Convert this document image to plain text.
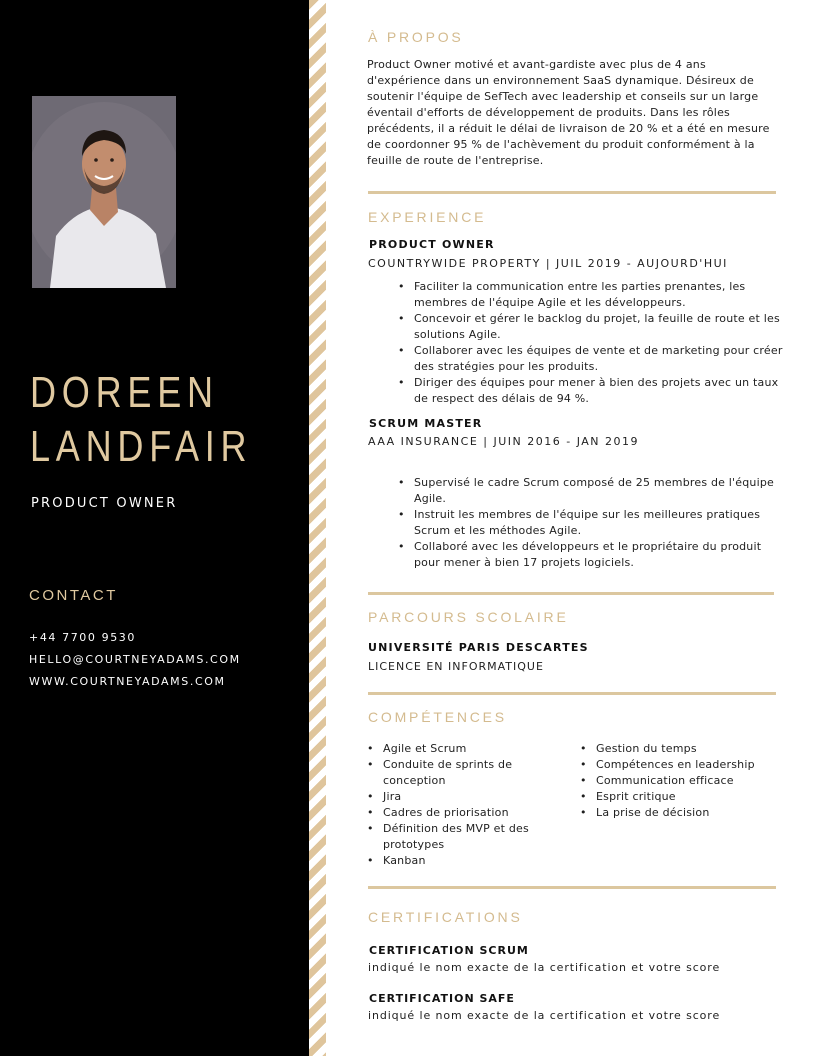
DOREEN
LANDFAIR
PRODUCT OWNER
CONTACT
+44 7700 9530
HELLO@COURTNEYADAMS.COM
WWW.COURTNEYADAMS.COM
À PROPOS
Product Owner motivé et avant-gardiste avec plus de 4 ans d'expérience dans un environnement SaaS dynamique. Désireux de soutenir l'équipe de SefTech avec leadership et conseils sur un large éventail d'efforts de développement de produits. Dans les rôles précédents, il a réduit le délai de livraison de 20 % et a été en mesure de coordonner 95 % de l'achèvement du produit conformément à la feuille de route de l'entreprise.
EXPERIENCE
PRODUCT OWNER
COUNTRYWIDE PROPERTY | JUIL 2019 - AUJOURD'HUI
• Faciliter la communication entre les parties prenantes, les membres de l'équipe Agile et les développeurs.
• Concevoir et gérer le backlog du projet, la feuille de route et les solutions Agile.
• Collaborer avec les équipes de vente et de marketing pour créer des stratégies pour les produits.
• Diriger des équipes pour mener à bien des projets avec un taux de respect des délais de 94 %.
SCRUM MASTER
AAA INSURANCE | JUIN 2016 - JAN 2019
• Supervisé le cadre Scrum composé de 25 membres de l'équipe Agile.
• Instruit les membres de l'équipe sur les meilleures pratiques Scrum et les méthodes Agile.
• Collaboré avec les développeurs et le propriétaire du produit pour mener à bien 17 projets logiciels.
PARCOURS SCOLAIRE
UNIVERSITÉ PARIS DESCARTES
LICENCE EN INFORMATIQUE
COMPÉTENCES
• Agile et Scrum
• Conduite de sprints de conception
• Jira
• Cadres de priorisation
• Définition des MVP et des prototypes
• Kanban
• Gestion du temps
• Compétences en leadership
• Communication efficace
• Esprit critique
• La prise de décision
CERTIFICATIONS
CERTIFICATION SCRUM
indiqué le nom exacte de la certification et votre score
CERTIFICATION SAFE
indiqué le nom exacte de la certification et votre score
